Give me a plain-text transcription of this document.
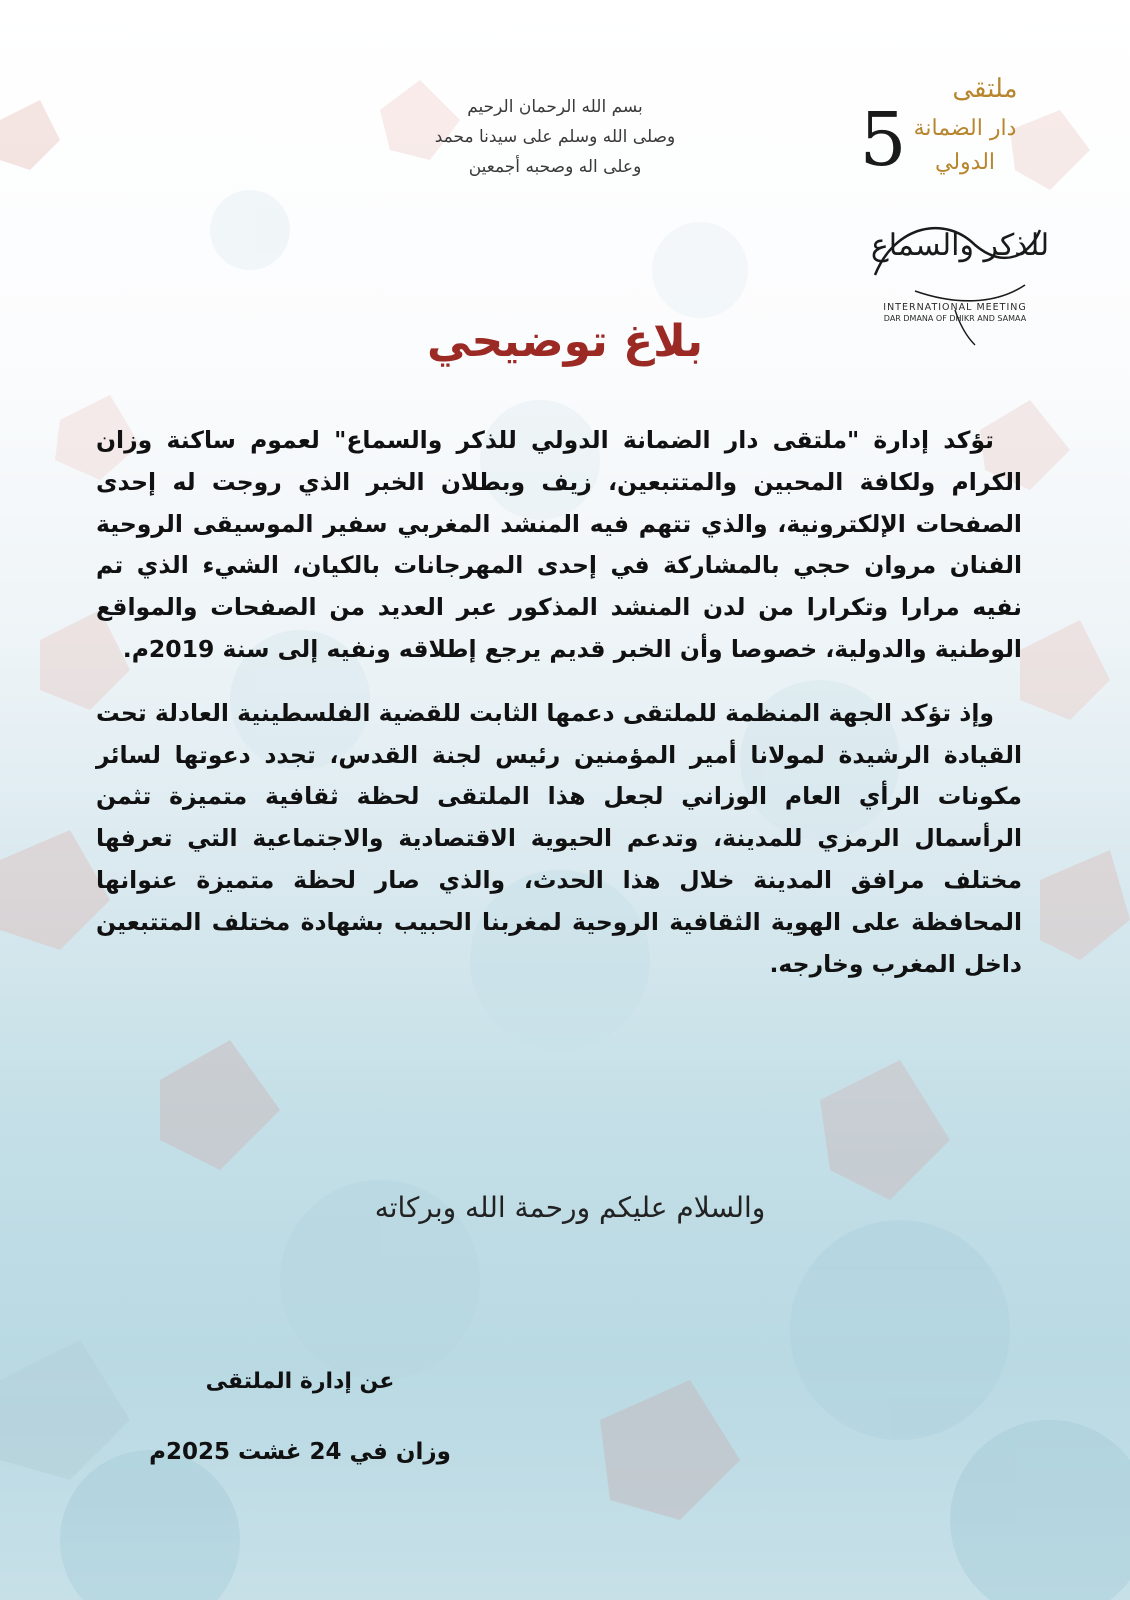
بسم الله الرحمان الرحيم
وصلى الله وسلم على سيدنا محمد
وعلى اله وصحبه أجمعين	5
ملتقى
دار الضمانة
الدولي
للذكر والسماع
INTERNATIONAL MEETING
DAR DMANA OF DHIKR AND SAMAA
بلاغ توضيحي

تؤكد إدارة "ملتقى دار الضمانة الدولي للذكر والسماع" لعموم ساكنة وزان الكرام ولكافة المحبين والمتتبعين، زيف وبطلان الخبر الذي روجت له إحدى الصفحات الإلكترونية، والذي تتهم فيه المنشد المغربي سفير الموسيقى الروحية الفنان مروان حجي بالمشاركة في إحدى المهرجانات بالكيان، الشيء الذي تم نفيه مرارا وتكرارا من لدن المنشد المذكور عبر العديد من الصفحات والمواقع الوطنية والدولية، خصوصا وأن الخبر قديم يرجع إطلاقه ونفيه إلى سنة 2019م.

وإذ تؤكد الجهة المنظمة للملتقى دعمها الثابت للقضية الفلسطينية العادلة تحت القيادة الرشيدة لمولانا أمير المؤمنين رئيس لجنة القدس، تجدد دعوتها لسائر مكونات الرأي العام الوزاني لجعل هذا الملتقى لحظة ثقافية متميزة تثمن الرأسمال الرمزي للمدينة، وتدعم الحيوية الاقتصادية والاجتماعية التي تعرفها مختلف مرافق المدينة خلال هذا الحدث، والذي صار لحظة متميزة عنوانها المحافظة على الهوية الثقافية الروحية لمغربنا الحبيب بشهادة مختلف المتتبعين داخل المغرب وخارجه.

والسلام عليكم ورحمة الله وبركاته
عن إدارة الملتقى
وزان في 24 غشت 2025م
